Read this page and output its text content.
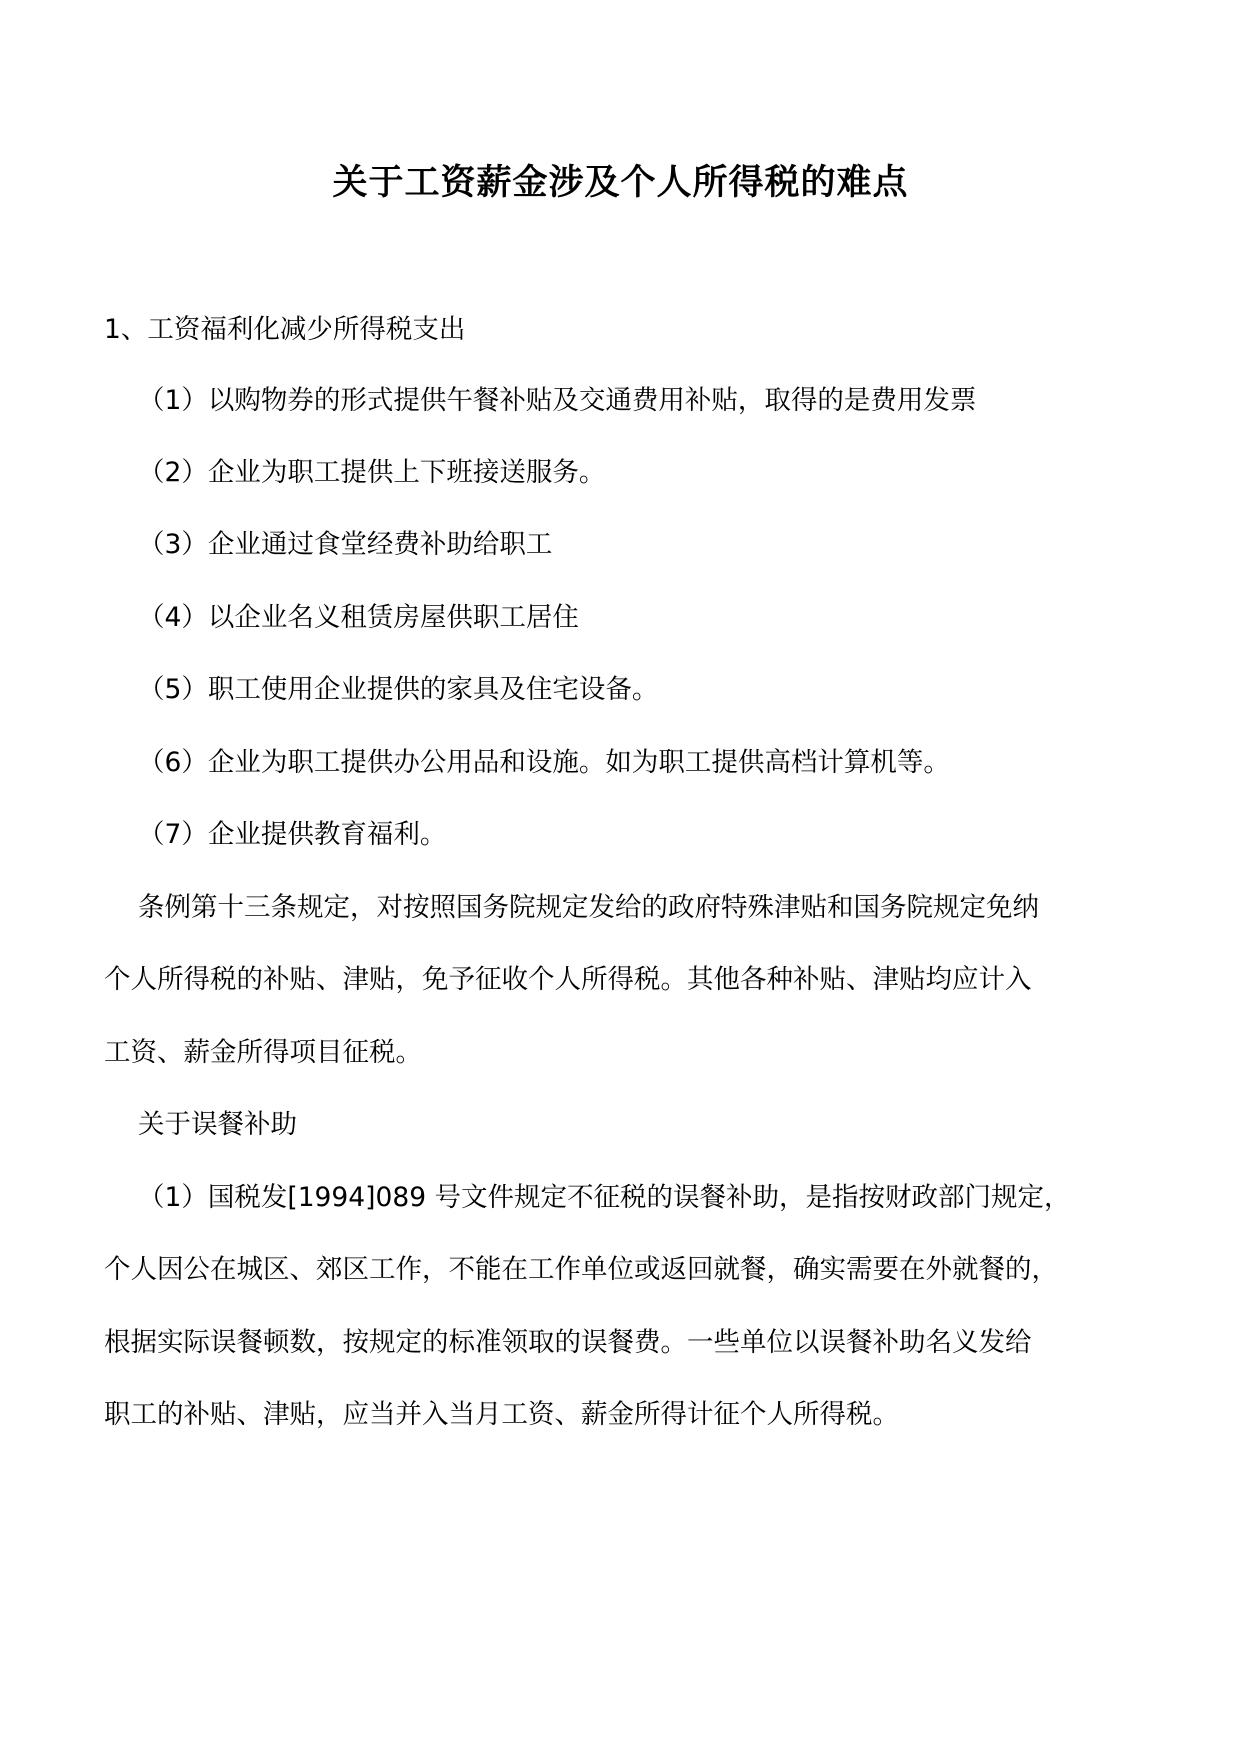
关于工资薪金涉及个人所得税的难点
1、工资福利化减少所得税支出
（1）以购物券的形式提供午餐补贴及交通费用补贴，取得的是费用发票
（2）企业为职工提供上下班接送服务。
（3）企业通过食堂经费补助给职工
（4）以企业名义租赁房屋供职工居住
（5）职工使用企业提供的家具及住宅设备。
（6）企业为职工提供办公用品和设施。如为职工提供高档计算机等。
（7）企业提供教育福利。
条例第十三条规定，对按照国务院规定发给的政府特殊津贴和国务院规定免纳
个人所得税的补贴、津贴，免予征收个人所得税。其他各种补贴、津贴均应计入
工资、薪金所得项目征税。
关于误餐补助
（1）国税发[1994]089 号文件规定不征税的误餐补助，是指按财政部门规定，
个人因公在城区、郊区工作，不能在工作单位或返回就餐，确实需要在外就餐的，
根据实际误餐顿数，按规定的标准领取的误餐费。一些单位以误餐补助名义发给
职工的补贴、津贴，应当并入当月工资、薪金所得计征个人所得税。
